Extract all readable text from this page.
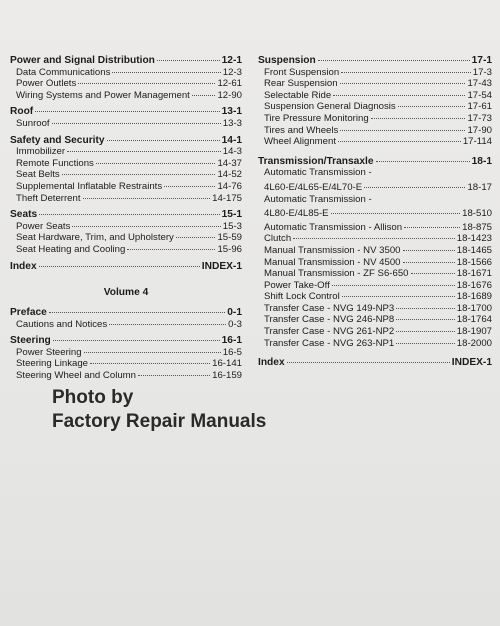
Power and Signal Distribution	12-1
Data Communications	12-3
Power Outlets	12-61
Wiring Systems and Power Management	12-90
Roof	13-1
Sunroof	13-3
Safety and Security	14-1
Immobilizer	14-3
Remote Functions	14-37
Seat Belts	14-52
Supplemental Inflatable Restraints	14-76
Theft Deterrent	14-175
Seats	15-1
Power Seats	15-3
Seat Hardware, Trim, and Upholstery	15-59
Seat Heating and Cooling	15-96
Index	INDEX-1
Volume 4
Preface	0-1
Cautions and Notices	0-3
Steering	16-1
Power Steering	16-5
Steering Linkage	16-141
Steering Wheel and Column	16-159
Suspension	17-1
Front Suspension	17-3
Rear Suspension	17-43
Selectable Ride	17-54
Suspension General Diagnosis	17-61
Tire Pressure Monitoring	17-73
Tires and Wheels	17-90
Wheel Alignment	17-114
Transmission/Transaxle	18-1
Automatic Transmission -
4L60-E/4L65-E/4L70-E	18-17
Automatic Transmission -
4L80-E/4L85-E	18-510
Automatic Transmission - Allison	18-875
Clutch	18-1423
Manual Transmission - NV 3500	18-1465
Manual Transmission - NV 4500	18-1566
Manual Transmission - ZF S6-650	18-1671
Power Take-Off	18-1676
Shift Lock Control	18-1689
Transfer Case - NVG 149-NP3	18-1700
Transfer Case - NVG 246-NP8	18-1764
Transfer Case - NVG 261-NP2	18-1907
Transfer Case - NVG 263-NP1	18-2000
Index	INDEX-1
Photo by
Factory Repair Manuals
